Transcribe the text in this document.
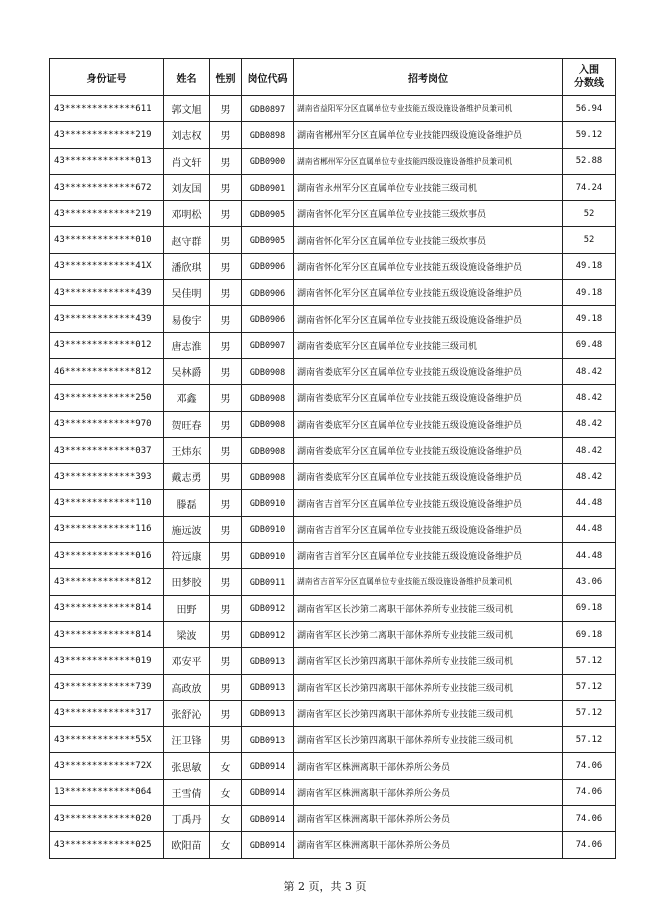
身份证号	姓名	性别	岗位代码	招考岗位	入围
分数线

43*************611	郭文旭	男	GDB0897	湖南省益阳军分区直属单位专业技能五级设施设备维护员兼司机	56.94
43*************219	刘志权	男	GDB0898	湖南省郴州军分区直属单位专业技能四级设施设备维护员	59.12
43*************013	肖文轩	男	GDB0900	湖南省郴州军分区直属单位专业技能四级设施设备维护员兼司机	52.88
43*************672	刘友国	男	GDB0901	湖南省永州军分区直属单位专业技能三级司机	74.24
43*************219	邓明松	男	GDB0905	湖南省怀化军分区直属单位专业技能三级炊事员	52
43*************010	赵守群	男	GDB0905	湖南省怀化军分区直属单位专业技能三级炊事员	52
43*************41X	潘欣琪	男	GDB0906	湖南省怀化军分区直属单位专业技能五级设施设备维护员	49.18
43*************439	吴佳明	男	GDB0906	湖南省怀化军分区直属单位专业技能五级设施设备维护员	49.18
43*************439	易俊宇	男	GDB0906	湖南省怀化军分区直属单位专业技能五级设施设备维护员	49.18
43*************012	唐志淮	男	GDB0907	湖南省娄底军分区直属单位专业技能三级司机	69.48
46*************812	吴林爵	男	GDB0908	湖南省娄底军分区直属单位专业技能五级设施设备维护员	48.42
43*************250	邓鑫	男	GDB0908	湖南省娄底军分区直属单位专业技能五级设施设备维护员	48.42
43*************970	贺旺春	男	GDB0908	湖南省娄底军分区直属单位专业技能五级设施设备维护员	48.42
43*************037	王炜东	男	GDB0908	湖南省娄底军分区直属单位专业技能五级设施设备维护员	48.42
43*************393	戴志勇	男	GDB0908	湖南省娄底军分区直属单位专业技能五级设施设备维护员	48.42
43*************110	滕磊	男	GDB0910	湖南省吉首军分区直属单位专业技能五级设施设备维护员	44.48
43*************116	施远波	男	GDB0910	湖南省吉首军分区直属单位专业技能五级设施设备维护员	44.48
43*************016	符远康	男	GDB0910	湖南省吉首军分区直属单位专业技能五级设施设备维护员	44.48
43*************812	田梦胶	男	GDB0911	湖南省吉首军分区直属单位专业技能五级设施设备维护员兼司机	43.06
43*************814	田野	男	GDB0912	湖南省军区长沙第二离职干部休养所专业技能三级司机	69.18
43*************814	梁波	男	GDB0912	湖南省军区长沙第二离职干部休养所专业技能三级司机	69.18
43*************019	邓安平	男	GDB0913	湖南省军区长沙第四离职干部休养所专业技能三级司机	57.12
43*************739	高政放	男	GDB0913	湖南省军区长沙第四离职干部休养所专业技能三级司机	57.12
43*************317	张舒沁	男	GDB0913	湖南省军区长沙第四离职干部休养所专业技能三级司机	57.12
43*************55X	汪卫锋	男	GDB0913	湖南省军区长沙第四离职干部休养所专业技能三级司机	57.12
43*************72X	张思敏	女	GDB0914	湖南省军区株洲离职干部休养所公务员	74.06
13*************064	王雪倩	女	GDB0914	湖南省军区株洲离职干部休养所公务员	74.06
43*************020	丁禹丹	女	GDB0914	湖南省军区株洲离职干部休养所公务员	74.06
43*************025	欧阳苗	女	GDB0914	湖南省军区株洲离职干部休养所公务员	74.06
第 2 页，共 3 页
